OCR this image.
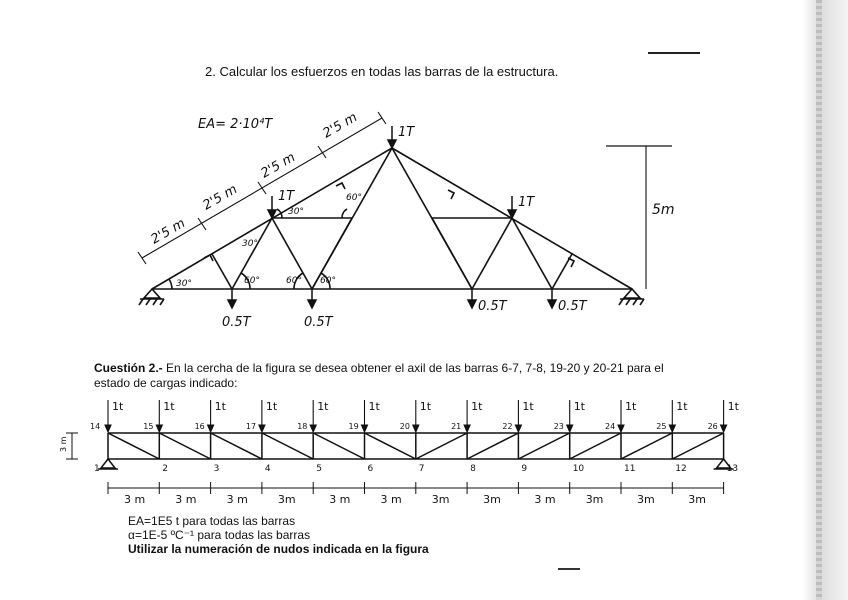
2. Calcular los esfuerzos en todas las barras de la estructura.
EA= 2·10⁴T
2'5 m
2'5 m
2'5 m
2'5 m	1T
1T	1T
0.5T	0.5T
0.5T	0.5T
5m
30°
30°
30°
60°	60° 60°
60°
Cuestión 2.- En la cercha de la figura se desea obtener el axil de las barras 6-7, 7-8, 19-20 y 20-21 para el estado de cargas indicado:
1t
14
1
1t
15
2
1t
16
3
1t
17
4
1t
18
5
1t
19
6
1t
20
7
1t
21
8
1t
22
9
1t
23
10
1t
24
11
1t
25
12
1t
26
13
3 m	3 m	3 m	3m	3 m	3 m	3m	3m	3 m	3m	3m	3m
3 m
EA=1E5 t para todas las barras
α=1E-5 ºC⁻¹ para todas las barras
Utilizar la numeración de nudos indicada en la figura
